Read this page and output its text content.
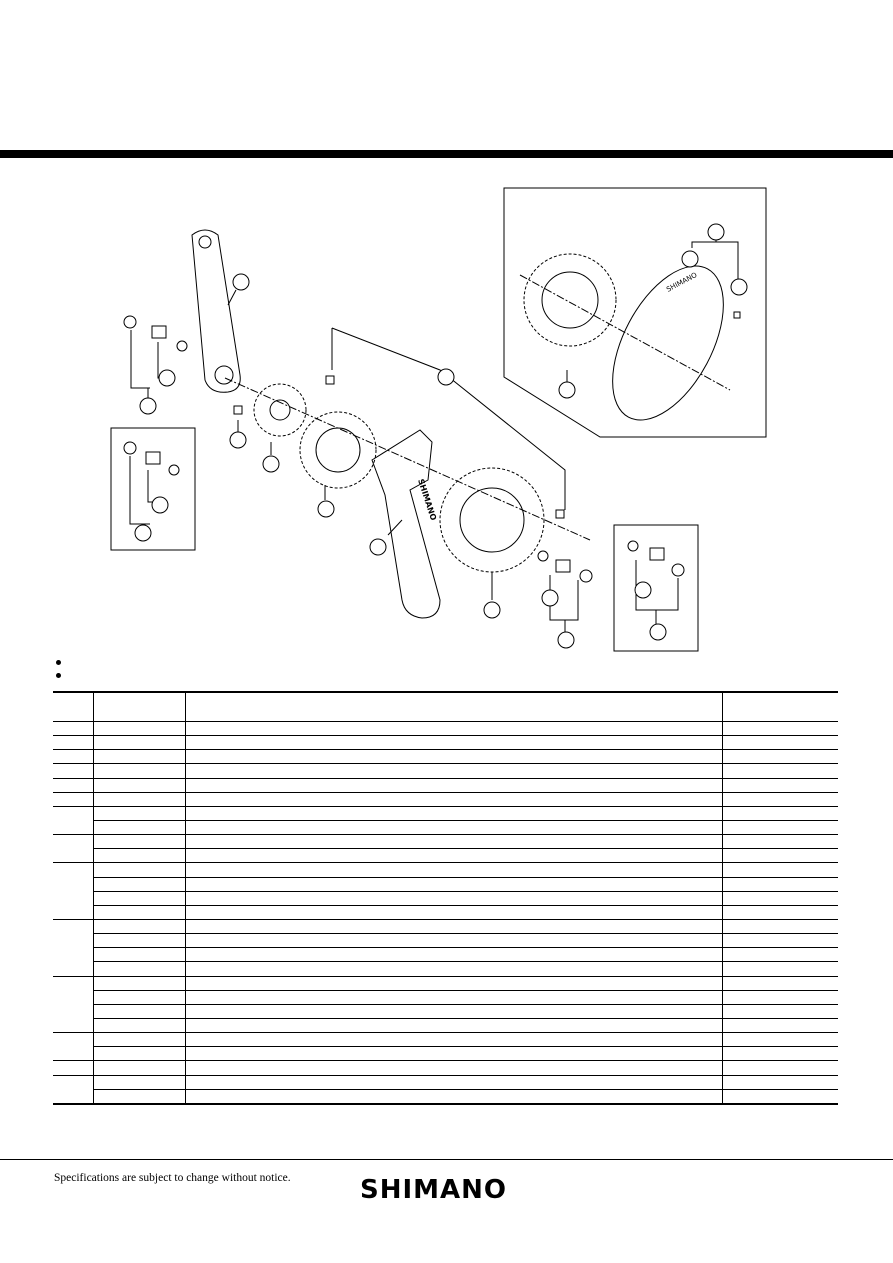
SHIMANO
SHIMANO

Specifications are subject to change without notice.	SHIMANO
